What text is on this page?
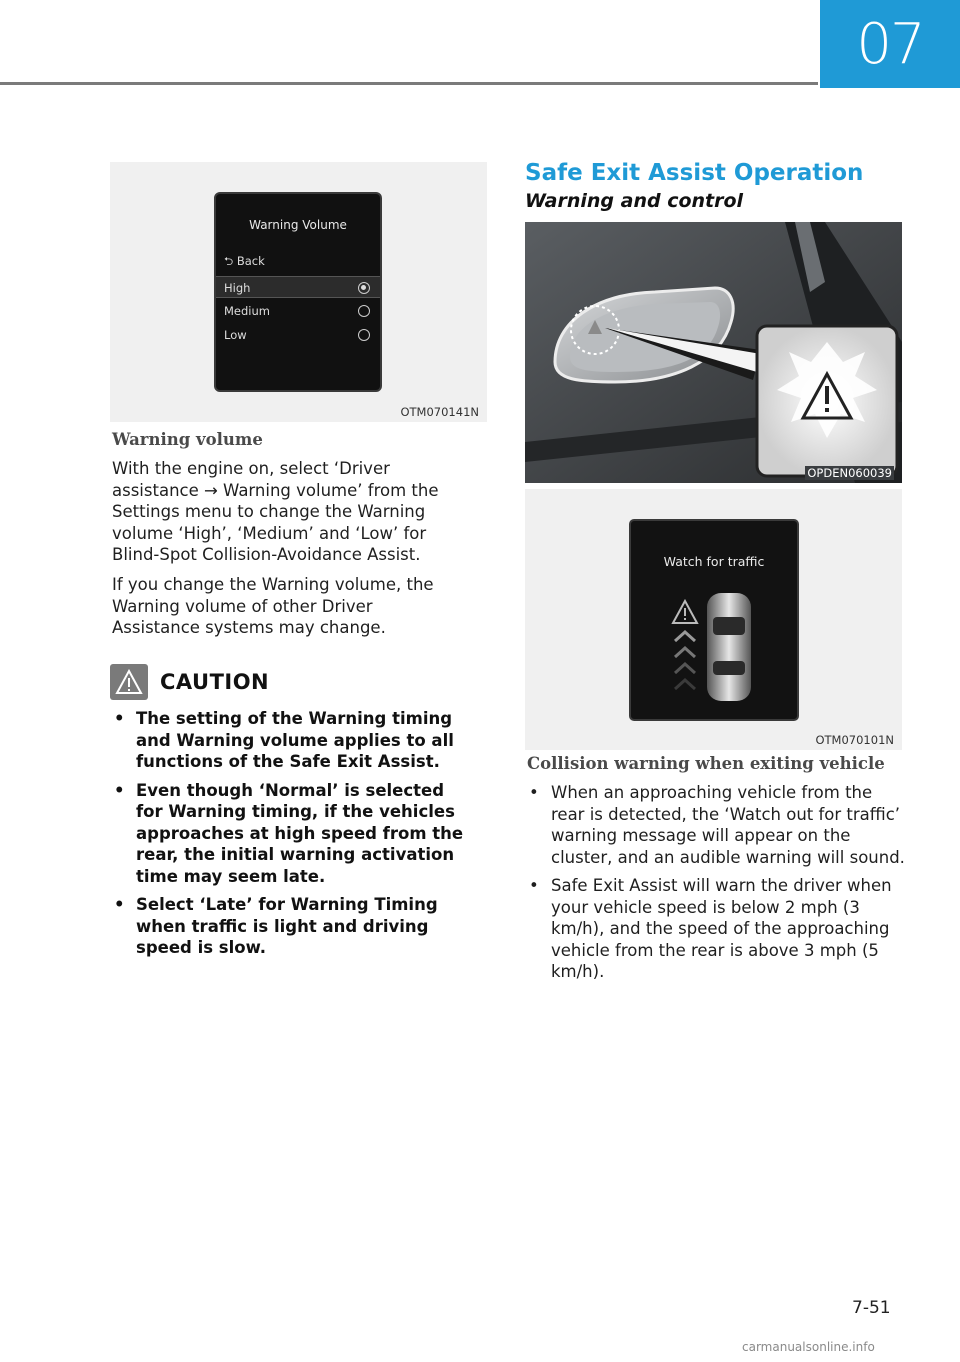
07
Warning Volume
⮌ Back
High
Medium
Low
OTM070141N
Warning volume
With the engine on, select ‘Driver assistance → Warning volume’ from the Settings menu to change the Warning volume ‘High’, ‘Medium’ and ‘Low’ for Blind-Spot Collision-Avoidance Assist.
If you change the Warning volume, the Warning volume of other Driver Assistance systems may change.
CAUTION
• The setting of the Warning timing and Warning volume applies to all functions of the Safe Exit Assist.
• Even though ‘Normal’ is selected for Warning timing, if the vehicles approaches at high speed from the rear, the initial warning activation time may seem late.
• Select ‘Late’ for Warning Timing when traffic is light and driving speed is slow.
Safe Exit Assist Operation
Warning and control
OPDEN060039
Watch for traffic
OTM070101N
Collision warning when exiting vehicle
• When an approaching vehicle from the rear is detected, the ‘Watch out for traffic’ warning message will appear on the cluster, and an audible warning will sound.
• Safe Exit Assist will warn the driver when your vehicle speed is below 2 mph (3 km/h), and the speed of the approaching vehicle from the rear is above 3 mph (5 km/h).
7-51
carmanualsonline.info
